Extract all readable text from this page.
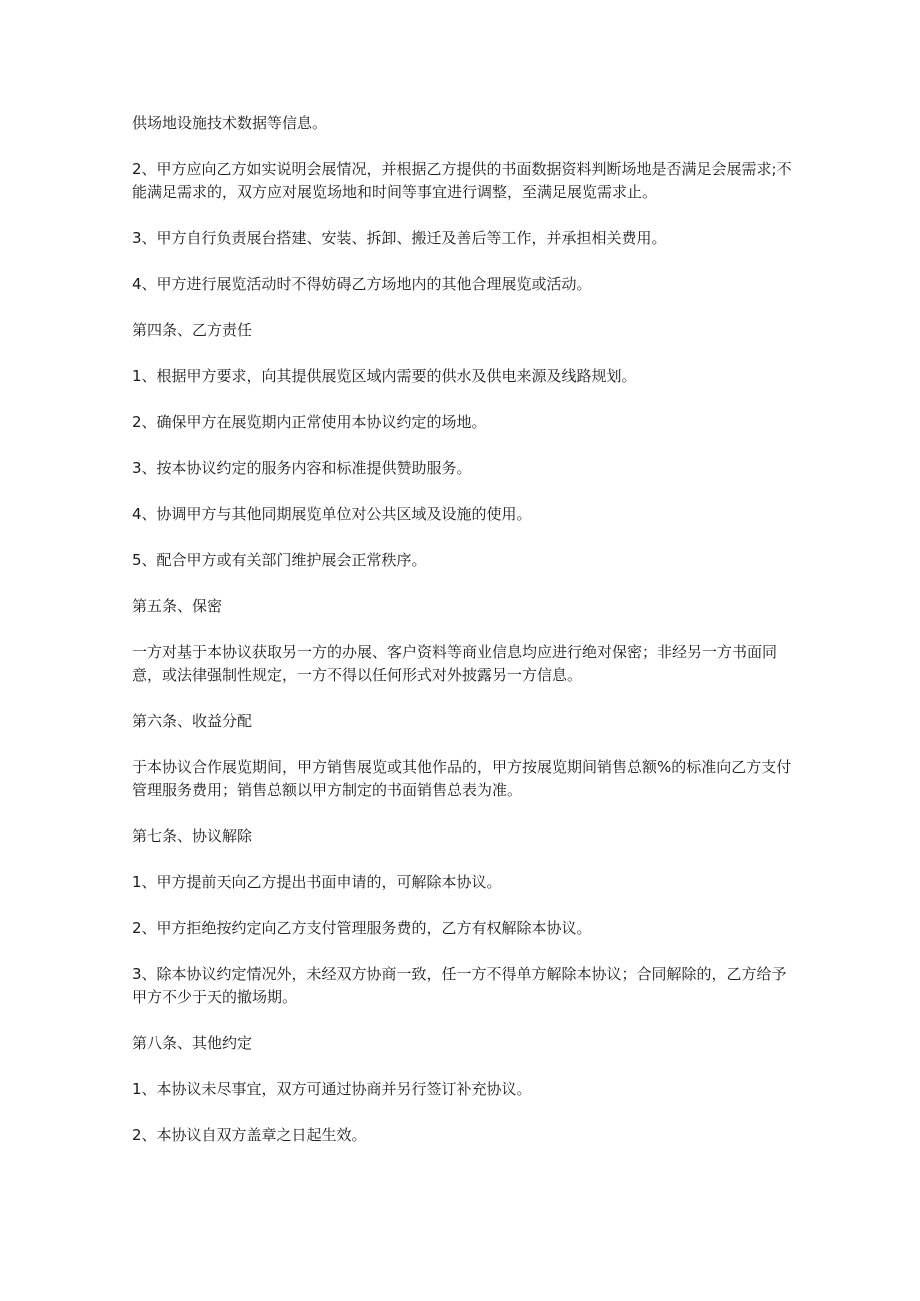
供场地设施技术数据等信息。

2、甲方应向乙方如实说明会展情况，并根据乙方提供的书面数据资料判断场地是否满足会展需求;不能满足需求的，双方应对展览场地和时间等事宜进行调整，至满足展览需求止。

3、甲方自行负责展台搭建、安装、拆卸、搬迁及善后等工作，并承担相关费用。

4、甲方进行展览活动时不得妨碍乙方场地内的其他合理展览或活动。

第四条、乙方责任

1、根据甲方要求，向其提供展览区域内需要的供水及供电来源及线路规划。

2、确保甲方在展览期内正常使用本协议约定的场地。

3、按本协议约定的服务内容和标准提供赞助服务。

4、协调甲方与其他同期展览单位对公共区域及设施的使用。

5、配合甲方或有关部门维护展会正常秩序。

第五条、保密

一方对基于本协议获取另一方的办展、客户资料等商业信息均应进行绝对保密；非经另一方书面同意，或法律强制性规定，一方不得以任何形式对外披露另一方信息。

第六条、收益分配

于本协议合作展览期间，甲方销售展览或其他作品的，甲方按展览期间销售总额%的标准向乙方支付管理服务费用；销售总额以甲方制定的书面销售总表为准。

第七条、协议解除

1、甲方提前天向乙方提出书面申请的，可解除本协议。

2、甲方拒绝按约定向乙方支付管理服务费的，乙方有权解除本协议。

3、除本协议约定情况外，未经双方协商一致，任一方不得单方解除本协议；合同解除的，乙方给予甲方不少于天的撤场期。

第八条、其他约定

1、本协议未尽事宜，双方可通过协商并另行签订补充协议。

2、本协议自双方盖章之日起生效。
